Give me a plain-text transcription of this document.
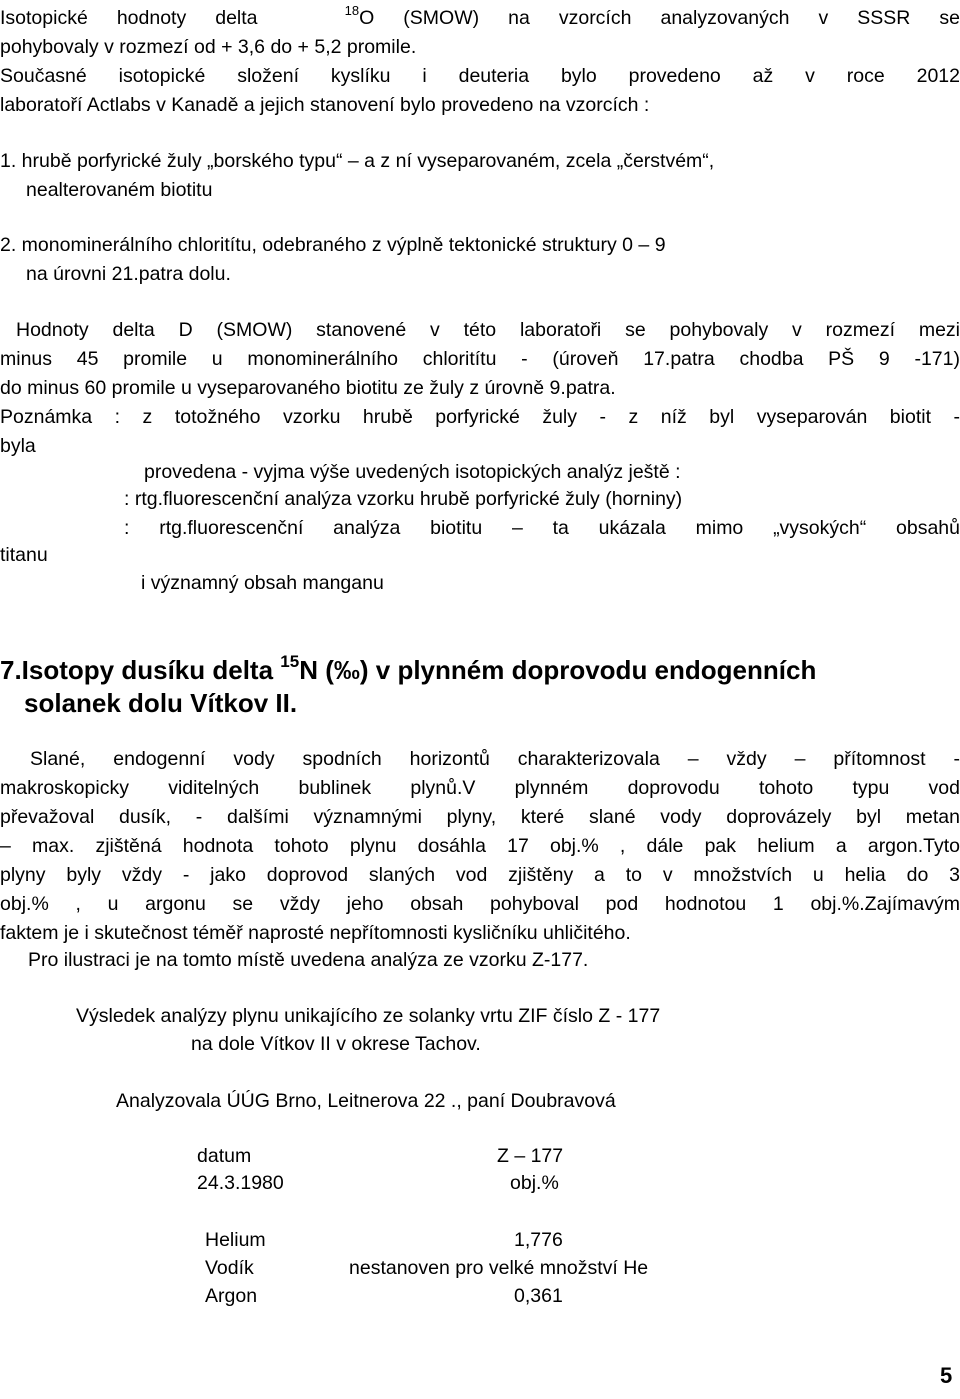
Isotopické hodnoty delta	$^{18}$O (SMOW) na vzorcích analyzovaných v SSSR se
pohybovaly v rozmezí od + 3,6 do + 5,2 promile.
Současné isotopické složení kyslíku i deuteria bylo provedeno až v roce 2012
laboratoří Actlabs v Kanadě a jejich stanovení bylo provedeno na vzorcích :
1. hrubě porfyrické žuly „borského typu“ – a z ní vyseparovaném, zcela „čerstvém“,
nealterovaném biotitu
2. monominerálního chloritítu, odebraného z výplně tektonické struktury 0 – 9
na úrovni 21.patra dolu.
Hodnoty delta D (SMOW) stanovené v této laboratoři se pohybovaly v rozmezí mezi
minus 45 promile u monominerálního chloritítu - (úroveň 17.patra chodba PŠ 9 -171)
do minus 60 promile u vyseparovaného biotitu ze žuly z úrovně 9.patra.
Poznámka : z totožného vzorku hrubě porfyrické žuly - z níž byl vyseparován biotit -
byla
provedena - vyjma výše uvedených isotopických analýz ještě :
: rtg.fluorescenční analýza vzorku hrubě porfyrické žuly (horniny)
: rtg.fluorescenční analýza biotitu – ta ukázala mimo „vysokých“ obsahů
titanu
i významný obsah manganu
7.Isotopy dusíku delta $^{15}$N (‰) v plynném doprovodu endogenních
solanek dolu Vítkov II.
Slané, endogenní vody spodních horizontů charakterizovala – vždy – přítomnost -
makroskopicky viditelných bublinek plynů.V plynném doprovodu tohoto typu vod
převažoval dusík, - dalšími významnými plyny, které slané vody doprovázely byl metan
– max. zjištěná hodnota tohoto plynu dosáhla 17 obj.% , dále pak helium a argon.Tyto
plyny byly vždy - jako doprovod slaných vod zjištěny a to v množstvích u helia do 3
obj.% , u argonu se vždy jeho obsah pohyboval pod hodnotou 1 obj.%.Zajímavým
faktem je i skutečnost téměř naprosté nepřítomnosti kysličníku uhličitého.
Pro ilustraci je na tomto místě uvedena analýza ze vzorku Z-177.
Výsledek analýzy plynu unikajícího ze solanky vrtu ZIF číslo Z - 177
na dole Vítkov II v okrese Tachov.
Analyzovala ÚÚG Brno, Leitnerova 22 ., paní Doubravová
datum	Z – 177
24.3.1980	obj.%
Helium	1,776
Vodík	nestanoven pro velké množství He
Argon	0,361
5
